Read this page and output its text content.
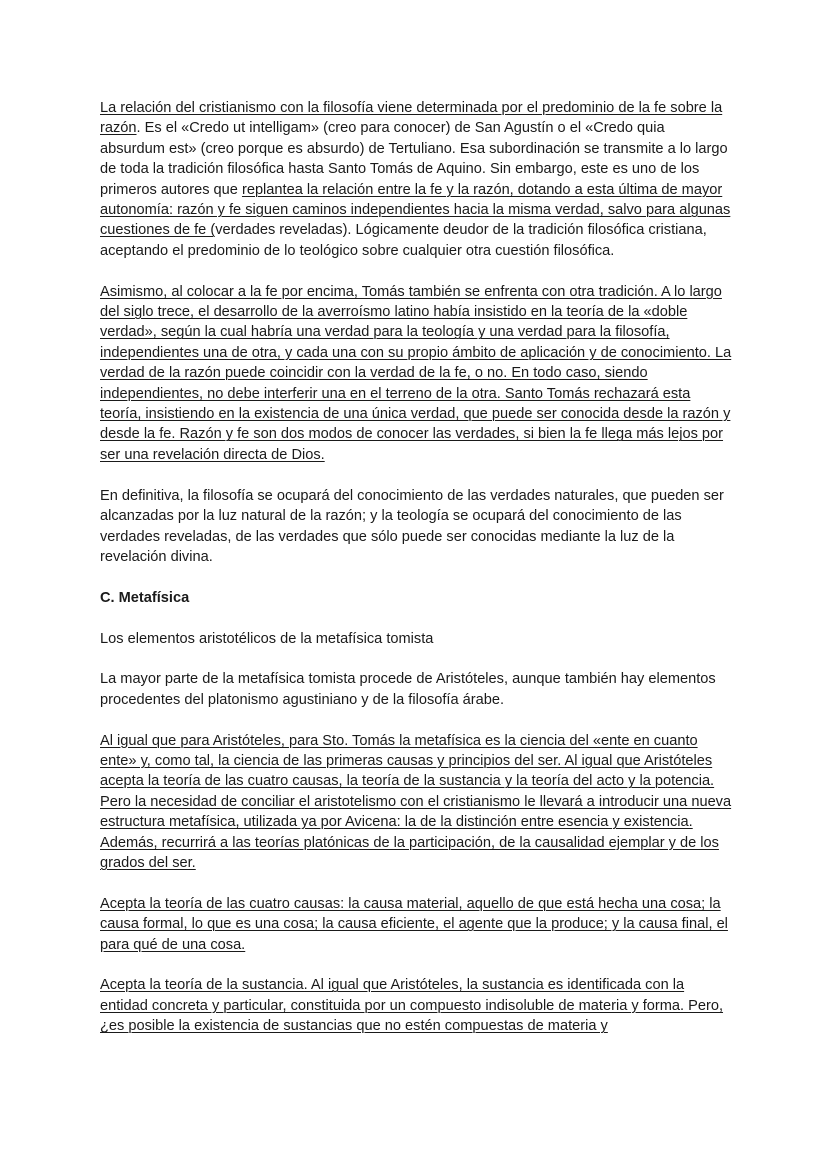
La relación del cristianismo con la filosofía viene determinada por el predominio de la fe sobre la razón. Es el «Credo ut intelligam» (creo para conocer) de San Agustín o el «Credo quia absurdum est» (creo porque es absurdo) de Tertuliano. Esa subordinación se transmite a lo largo de toda la tradición filosófica hasta Santo Tomás de Aquino. Sin embargo, este es uno de los primeros autores que replantea la relación entre la fe y la razón, dotando a esta última de mayor autonomía: razón y fe siguen caminos independientes hacia la misma verdad, salvo para algunas cuestiones de fe (verdades reveladas). Lógicamente deudor de la tradición filosófica cristiana, aceptando el predominio de lo teológico sobre cualquier otra cuestión filosófica.

Asimismo, al colocar a la fe por encima, Tomás también se enfrenta con otra tradición. A lo largo del siglo trece, el desarrollo de la averroísmo latino había insistido en la teoría de la «doble verdad», según la cual habría una verdad para la teología y una verdad para la filosofía, independientes una de otra, y cada una con su propio ámbito de aplicación y de conocimiento. La verdad de la razón puede coincidir con la verdad de la fe, o no. En todo caso, siendo independientes, no debe interferir una en el terreno de la otra. Santo Tomás rechazará esta teoría, insistiendo en la existencia de una única verdad, que puede ser conocida desde la razón y desde la fe. Razón y fe son dos modos de conocer las verdades, si bien la fe llega más lejos por ser una revelación directa de Dios.

En definitiva, la filosofía se ocupará del conocimiento de las verdades naturales, que pueden ser alcanzadas por la luz natural de la razón; y la teología se ocupará del conocimiento de las verdades reveladas, de las verdades que sólo puede ser conocidas mediante la luz de la revelación divina.

C. Metafísica

Los elementos aristotélicos de la metafísica tomista

La mayor parte de la metafísica tomista procede de Aristóteles, aunque también hay elementos procedentes del platonismo agustiniano y de la filosofía árabe.

Al igual que para Aristóteles, para Sto. Tomás la metafísica es la ciencia del «ente en cuanto ente» y, como tal, la ciencia de las primeras causas y principios del ser. Al igual que Aristóteles acepta la teoría de las cuatro causas, la teoría de la sustancia y la teoría del acto y la potencia. Pero la necesidad de conciliar el aristotelismo con el cristianismo le llevará a introducir una nueva estructura metafísica, utilizada ya por Avicena: la de la distinción entre esencia y existencia. Además, recurrirá a las teorías platónicas de la participación, de la causalidad ejemplar y de los grados del ser.

Acepta la teoría de las cuatro causas: la causa material, aquello de que está hecha una cosa; la causa formal, lo que es una cosa; la causa eficiente, el agente que la produce; y la causa final, el para qué de una cosa.

Acepta la teoría de la sustancia. Al igual que Aristóteles, la sustancia es identificada con la entidad concreta y particular, constituida por un compuesto indisoluble de materia y forma. Pero, ¿es posible la existencia de sustancias que no estén compuestas de materia y
